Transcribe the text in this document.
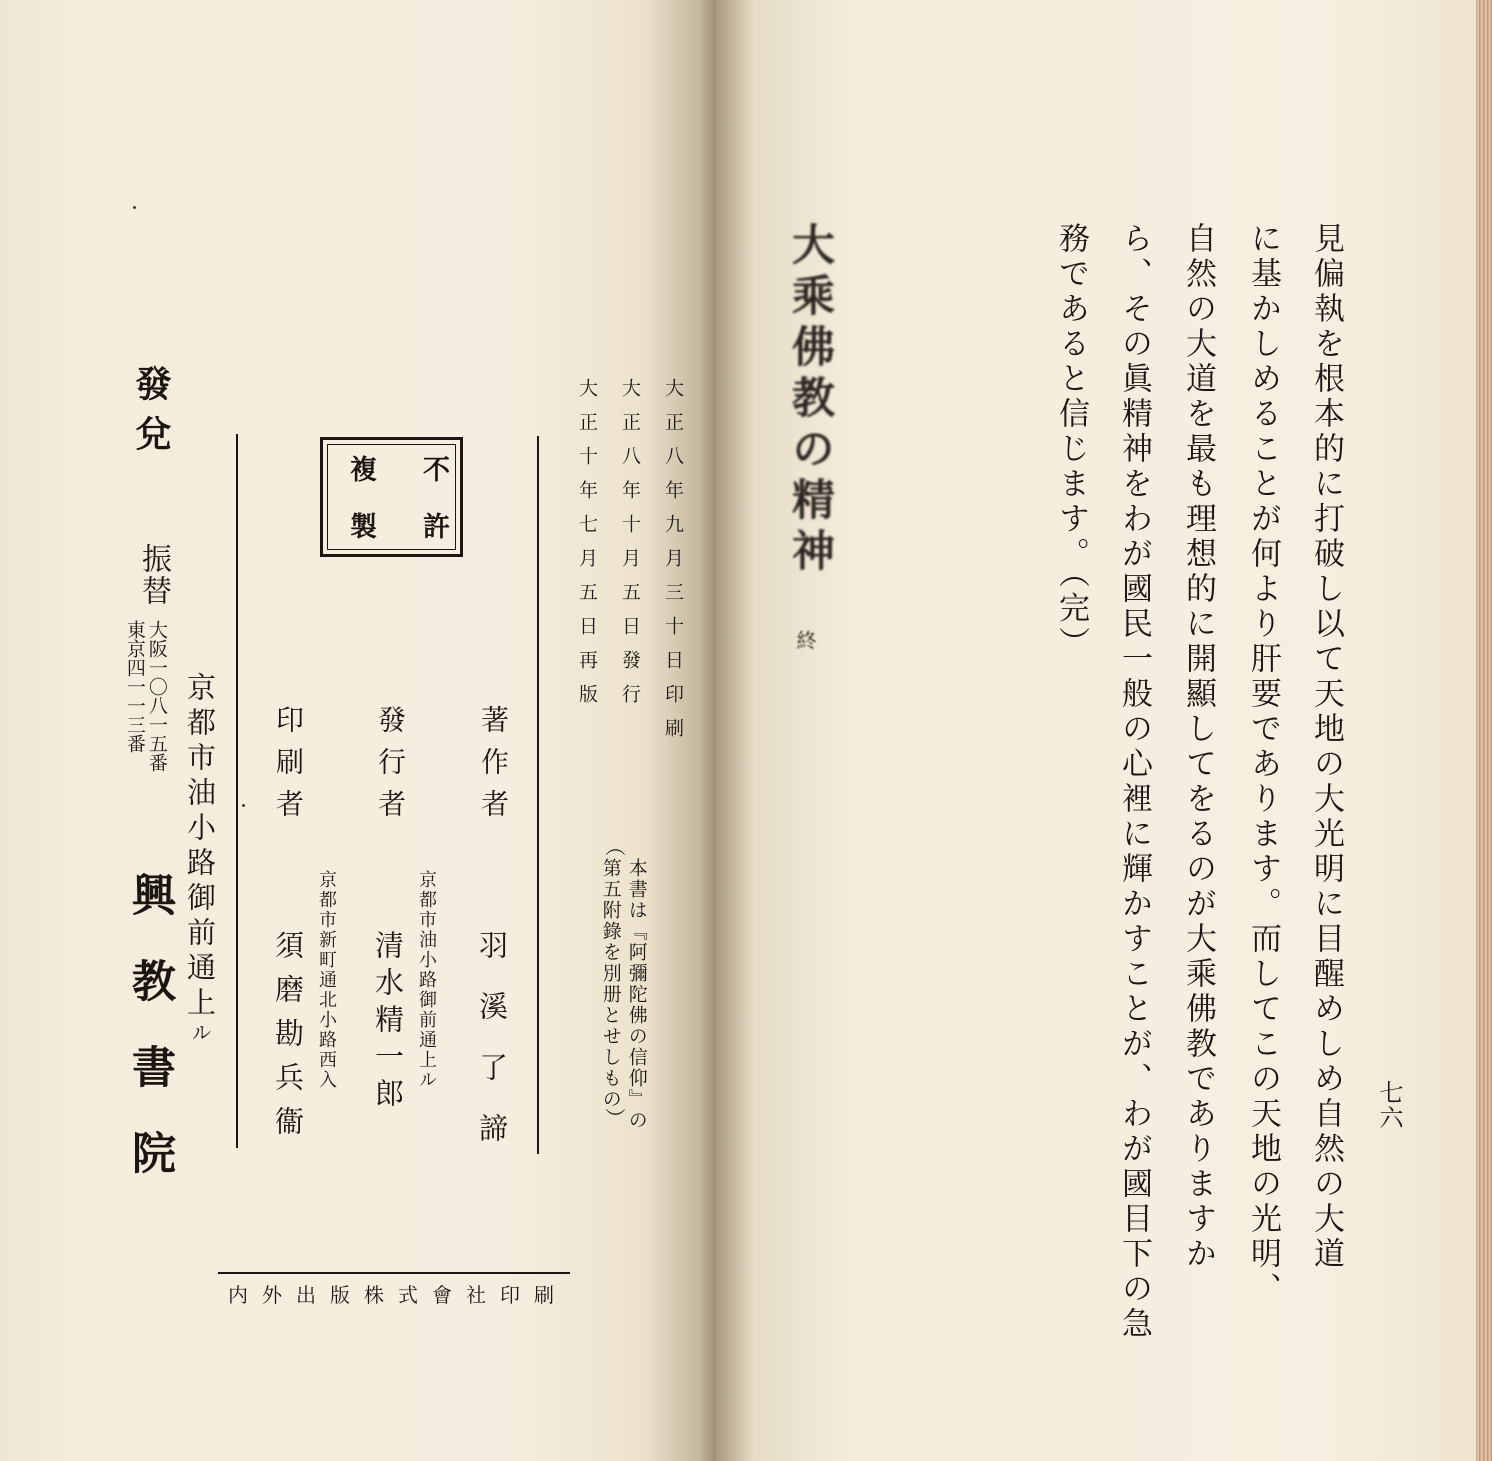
大正八年九月三十日印刷
大正八年十月五日發行
大正十年七月五日再版
︵
本書は『阿彌陀佛の信仰』の
第五附錄を別册とせしもの
︶
不許
複製
著作者
羽溪了諦
發行者
京都市油小路御前通上ル
清水精一郎
印刷者
京都市新町通北小路西入
須磨勘兵衞
發兌
振替
大阪一〇八一五番
東京四一一三番 京都市油小路御前通上ル
興教書院
内外出版株式會社印刷
七六
見偏執を根本的に打破し以て天地の大光明に目醒めしめ自然の大道
に基かしめることが何より肝要であります。而してこの天地の光明、
自然の大道を最も理想的に開顯してをるのが大乘佛教でありますか
ら、その眞精神をわが國民一般の心裡に輝かすことが、わが國目下の急
務であると信じます。（完）
大乘佛教の精神
終
